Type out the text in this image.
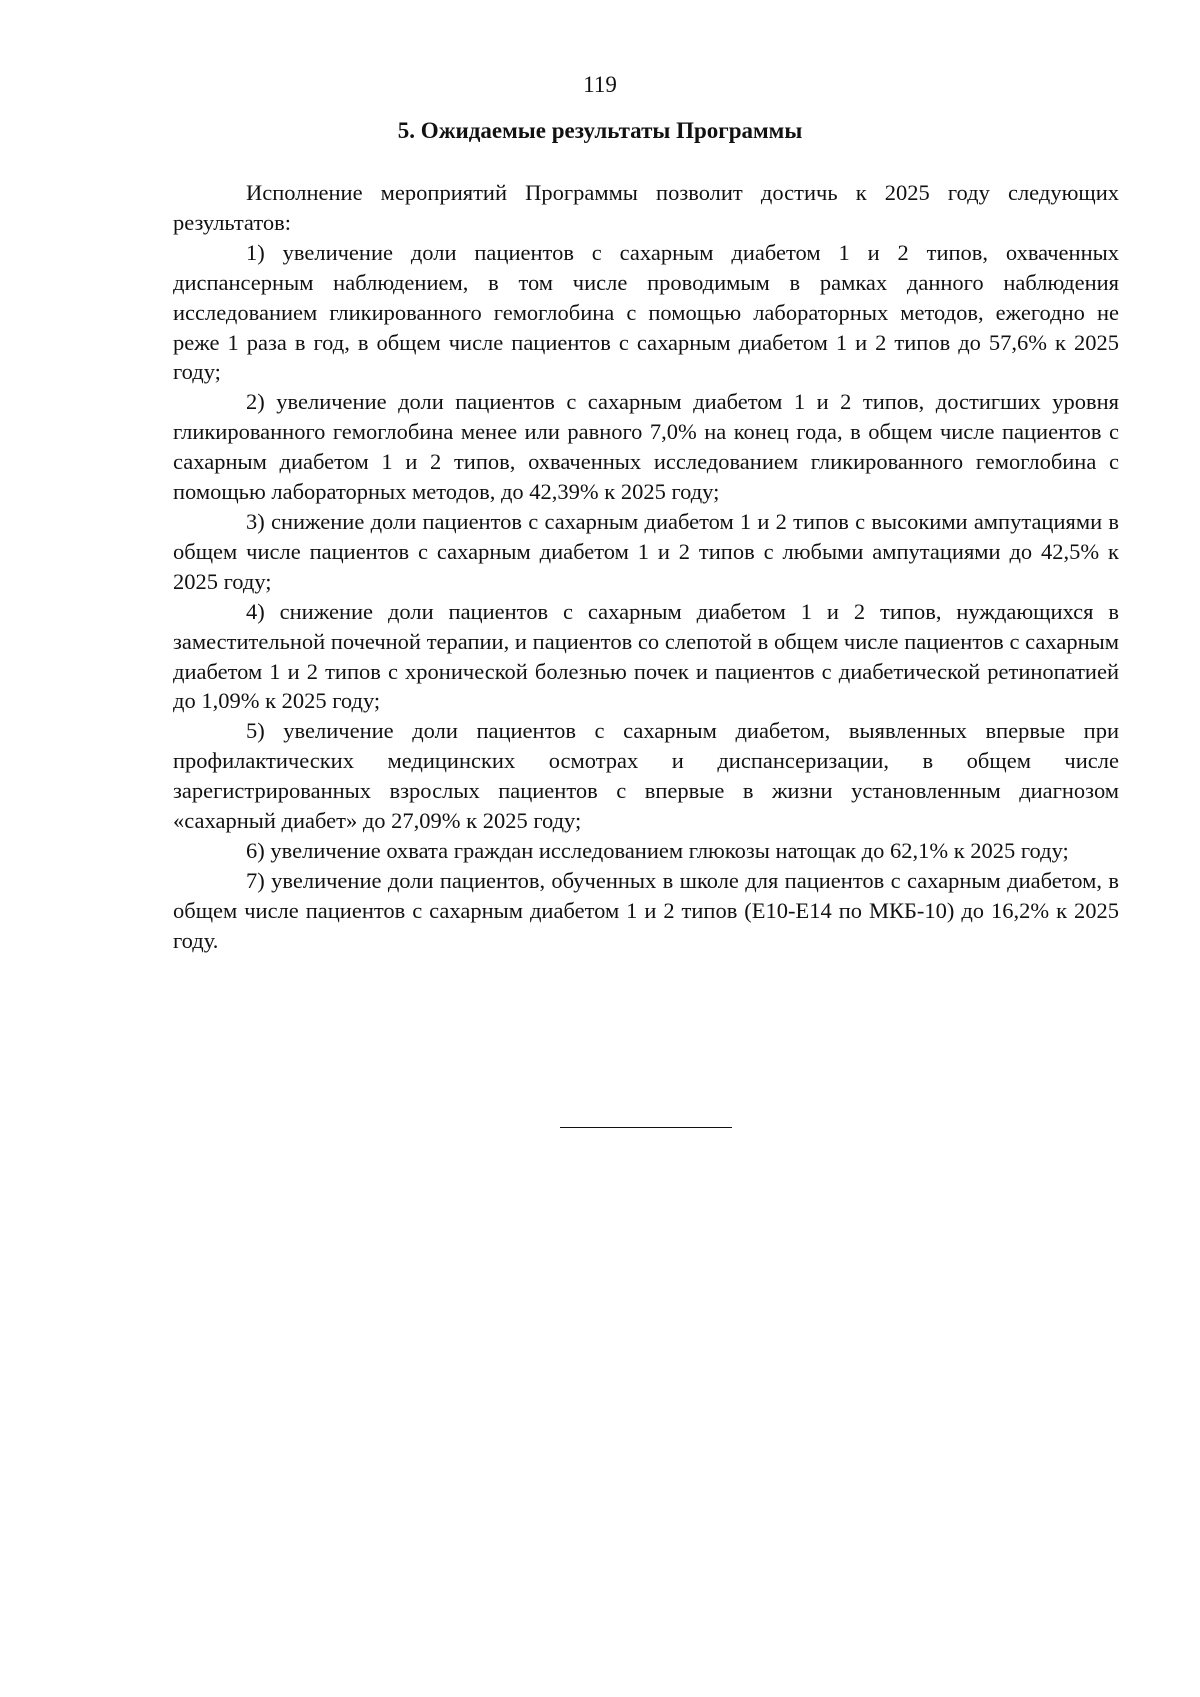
119
5. Ожидаемые результаты Программы

Исполнение мероприятий Программы позволит достичь к 2025 году следующих результатов:

1) увеличение доли пациентов с сахарным диабетом 1 и 2 типов, охваченных диспансерным наблюдением, в том числе проводимым в рамках данного наблюдения исследованием гликированного гемоглобина с помощью лабораторных методов, ежегодно не реже 1 раза в год, в общем числе пациентов с сахарным диабетом 1 и 2 типов до 57,6% к 2025 году;

2) увеличение доли пациентов с сахарным диабетом 1 и 2 типов, достигших уровня гликированного гемоглобина менее или равного 7,0% на конец года, в общем числе пациентов с сахарным диабетом 1 и 2 типов, охваченных исследованием гликированного гемоглобина с помощью лабораторных методов, до 42,39% к 2025 году;

3) снижение доли пациентов с сахарным диабетом 1 и 2 типов с высокими ампутациями в общем числе пациентов с сахарным диабетом 1 и 2 типов с любыми ампутациями до 42,5% к 2025 году;

4) снижение доли пациентов с сахарным диабетом 1 и 2 типов, нуждающихся в заместительной почечной терапии, и пациентов со слепотой в общем числе пациентов с сахарным диабетом 1 и 2 типов с хронической болезнью почек и пациентов с диабетической ретинопатией до 1,09% к 2025 году;

5) увеличение доли пациентов с сахарным диабетом, выявленных впервые при профилактических медицинских осмотрах и диспансеризации, в общем числе зарегистрированных взрослых пациентов с впервые в жизни установленным диагнозом «сахарный диабет» до 27,09% к 2025 году;

6) увеличение охвата граждан исследованием глюкозы натощак до 62,1% к 2025 году;

7) увеличение доли пациентов, обученных в школе для пациентов с сахарным диабетом, в общем числе пациентов с сахарным диабетом 1 и 2 типов (Е10-Е14 по МКБ-10) до 16,2% к 2025 году.
